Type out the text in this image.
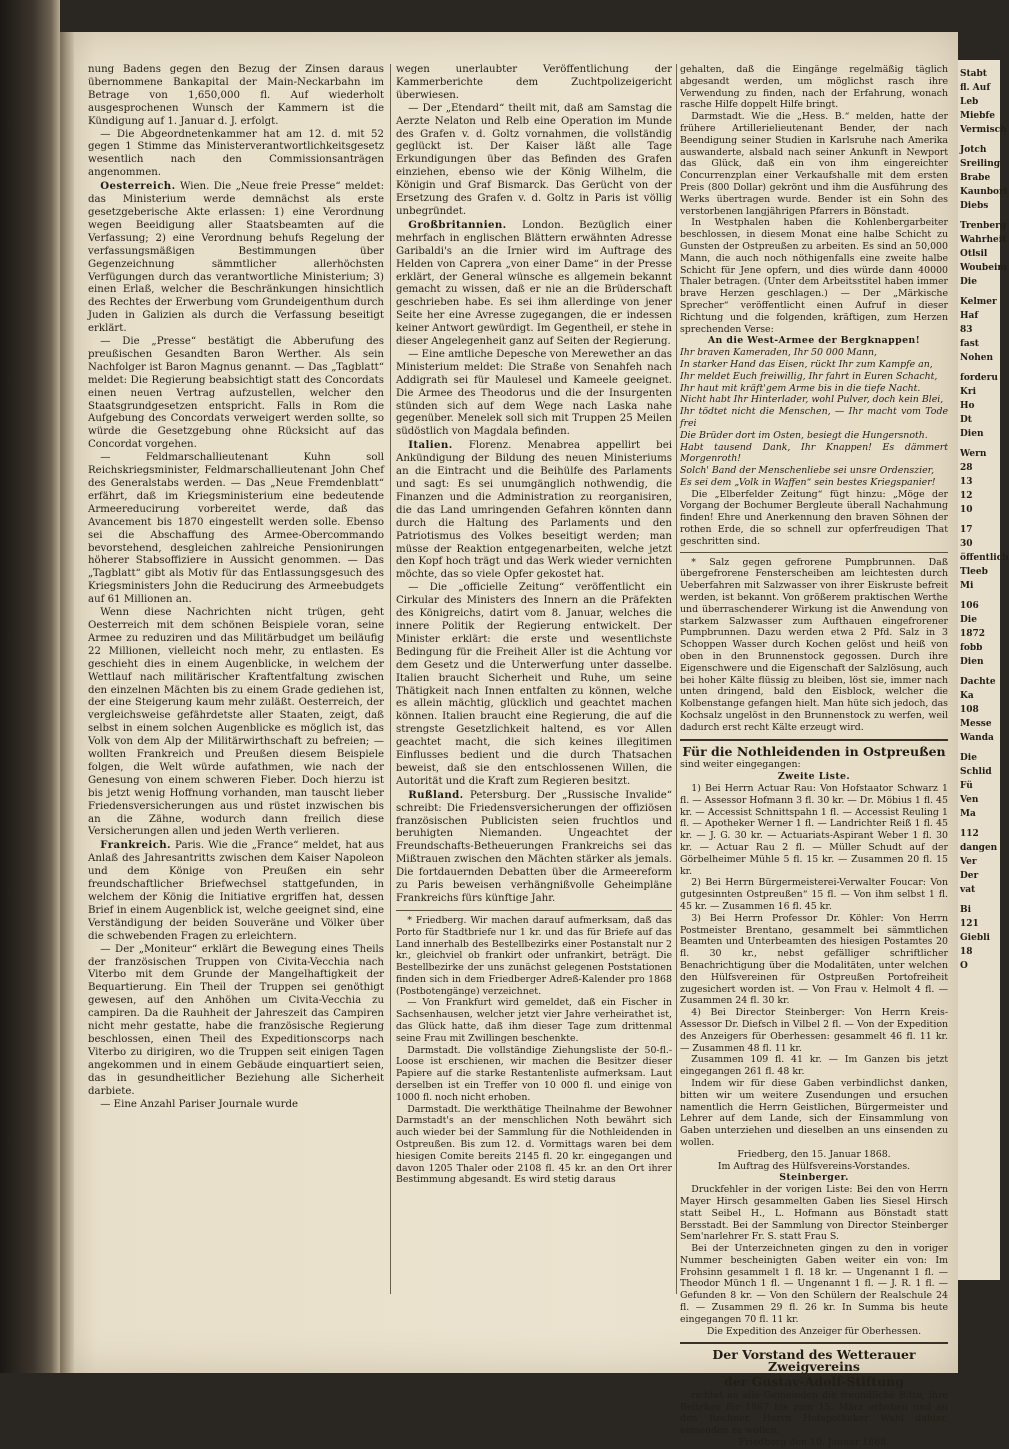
nung Badens gegen den Bezug der Zinsen daraus übernommene Bankapital der Main-Neckarbahn im Betrage von 1,650,000 fl. Auf wiederholt ausgesprochenen Wunsch der Kammern ist die Kündigung auf 1. Januar d. J. erfolgt.

— Die Abgeordnetenkammer hat am 12. d. mit 52 gegen 1 Stimme das Ministerverantwortlichkeitsgesetz wesentlich nach den Commissionsanträgen angenommen.

Oesterreich. Wien. Die „Neue freie Presse“ meldet: das Ministerium werde demnächst als erste gesetzgeberische Akte erlassen: 1) eine Verordnung wegen Beeidigung aller Staatsbeamten auf die Verfassung; 2) eine Verordnung behufs Regelung der verfassungsmäßigen Bestimmungen über Gegenzeichnung sämmtlicher allerhöchsten Verfügungen durch das verantwortliche Ministerium; 3) einen Erlaß, welcher die Beschränkungen hinsichtlich des Rechtes der Erwerbung vom Grundeigenthum durch Juden in Galizien als durch die Verfassung beseitigt erklärt.

— Die „Presse“ bestätigt die Abberufung des preußischen Gesandten Baron Werther. Als sein Nachfolger ist Baron Magnus genannt. — Das „Tagblatt“ meldet: Die Regierung beabsichtigt statt des Concordats einen neuen Vertrag aufzustellen, welcher den Staatsgrundgesetzen entspricht. Falls in Rom die Aufgebung des Concordats verweigert werden sollte, so würde die Gesetzgebung ohne Rücksicht auf das Concordat vorgehen.

— Feldmarschallieutenant Kuhn soll Reichskriegsminister, Feldmarschallieutenant John Chef des Generalstabs werden. — Das „Neue Fremdenblatt“ erfährt, daß im Kriegsministerium eine bedeutende Armeereducirung vorbereitet werde, daß das Avancement bis 1870 eingestellt werden solle. Ebenso sei die Abschaffung des Armee-Obercommando bevorstehend, desgleichen zahlreiche Pensionirungen höherer Stabsoffiziere in Aussicht genommen. — Das „Tagblatt“ gibt als Motiv für das Entlassungsgesuch des Kriegsministers John die Reducirung des Armeebudgets auf 61 Millionen an.

Wenn diese Nachrichten nicht trügen, geht Oesterreich mit dem schönen Beispiele voran, seine Armee zu reduziren und das Militärbudget um beiläufig 22 Millionen, vielleicht noch mehr, zu entlasten. Es geschieht dies in einem Augenblicke, in welchem der Wettlauf nach militärischer Kraftentfaltung zwischen den einzelnen Mächten bis zu einem Grade gediehen ist, der eine Steigerung kaum mehr zuläßt. Oesterreich, der vergleichsweise gefährdetste aller Staaten, zeigt, daß selbst in einem solchen Augenblicke es möglich ist, das Volk von dem Alp der Militärwirthschaft zu befreien; — wollten Frankreich und Preußen diesem Beispiele folgen, die Welt würde aufathmen, wie nach der Genesung von einem schweren Fieber. Doch hierzu ist bis jetzt wenig Hoffnung vorhanden, man tauscht lieber Friedensversicherungen aus und rüstet inzwischen bis an die Zähne, wodurch dann freilich diese Versicherungen allen und jeden Werth verlieren.

Frankreich. Paris. Wie die „France“ meldet, hat aus Anlaß des Jahresantritts zwischen dem Kaiser Napoleon und dem Könige von Preußen ein sehr freundschaftlicher Briefwechsel stattgefunden, in welchem der König die Initiative ergriffen hat, dessen Brief in einem Augenblick ist, welche geeignet sind, eine Verständigung der beiden Souveräne und Völker über die schwebenden Fragen zu erleichtern.

— Der „Moniteur“ erklärt die Bewegung eines Theils der französischen Truppen von Civita-Vecchia nach Viterbo mit dem Grunde der Mangelhaftigkeit der Bequartierung. Ein Theil der Truppen sei genöthigt gewesen, auf den Anhöhen um Civita-Vecchia zu campiren. Da die Rauhheit der Jahreszeit das Campiren nicht mehr gestatte, habe die französische Regierung beschlossen, einen Theil des Expeditionscorps nach Viterbo zu dirigiren, wo die Truppen seit einigen Tagen angekommen und in einem Gebäude einquartiert seien, das in gesundheitlicher Beziehung alle Sicherheit darbiete.

— Eine Anzahl Pariser Journale wurde

wegen unerlaubter Veröffentlichung der Kammerberichte dem Zuchtpolizeigericht überwiesen.

— Der „Etendard“ theilt mit, daß am Samstag die Aerzte Nelaton und Relb eine Operation im Munde des Grafen v. d. Goltz vornahmen, die vollständig geglückt ist. Der Kaiser läßt alle Tage Erkundigungen über das Befinden des Grafen einziehen, ebenso wie der König Wilhelm, die Königin und Graf Bismarck. Das Gerücht von der Ersetzung des Grafen v. d. Goltz in Paris ist völlig unbegründet.

Großbritannien. London. Bezüglich einer mehrfach in englischen Blättern erwähnten Adresse Garibaldi's an die Irnier wird im Auftrage des Helden von Caprera „von einer Dame“ in der Presse erklärt, der General wünsche es allgemein bekannt gemacht zu wissen, daß er nie an die Brüderschaft geschrieben habe. Es sei ihm allerdinge von jener Seite her eine Avresse zugegangen, die er indessen keiner Antwort gewürdigt. Im Gegentheil, er stehe in dieser Angelegenheit ganz auf Seiten der Regierung.

— Eine amtliche Depesche von Merewether an das Ministerium meldet: Die Straße von Senahfeh nach Addigrath sei für Maulesel und Kameele geeignet. Die Armee des Theodorus und die der Insurgenten stünden sich auf dem Wege nach Laska nahe gegenüber. Menelek soll sich mit Truppen 25 Meilen südöstlich von Magdala befinden.

Italien. Florenz. Menabrea appellirt bei Ankündigung der Bildung des neuen Ministeriums an die Eintracht und die Beihülfe des Parlaments und sagt: Es sei unumgänglich nothwendig, die Finanzen und die Administration zu reorganisiren, die das Land umringenden Gefahren könnten dann durch die Haltung des Parlaments und den Patriotismus des Volkes beseitigt werden; man müsse der Reaktion entgegenarbeiten, welche jetzt den Kopf hoch trägt und das Werk wieder vernichten möchte, das so viele Opfer gekostet hat.

— Die „officielle Zeitung“ veröffentlicht ein Cirkular des Ministers des Innern an die Präfekten des Königreichs, datirt vom 8. Januar, welches die innere Politik der Regierung entwickelt. Der Minister erklärt: die erste und wesentlichste Bedingung für die Freiheit Aller ist die Achtung vor dem Gesetz und die Unterwerfung unter dasselbe. Italien braucht Sicherheit und Ruhe, um seine Thätigkeit nach Innen entfalten zu können, welche es allein mächtig, glücklich und geachtet machen können. Italien braucht eine Regierung, die auf die strengste Gesetzlichkeit haltend, es vor Allen geachtet macht, die sich keines illegitimen Einflusses bedient und die durch Thatsachen beweist, daß sie den entschlossenen Willen, die Autorität und die Kraft zum Regieren besitzt.

Rußland. Petersburg. Der „Russische Invalide“ schreibt: Die Friedensversicherungen der offiziösen französischen Publicisten seien fruchtlos und beruhigten Niemanden. Ungeachtet der Freundschafts-Betheuerungen Frankreichs sei das Mißtrauen zwischen den Mächten stärker als jemals. Die fortdauernden Debatten über die Armeereform zu Paris beweisen verhängnißvolle Geheimpläne Frankreichs fürs künftige Jahr.

* Friedberg. Wir machen darauf aufmerksam, daß das Porto für Stadtbriefe nur 1 kr. und das für Briefe auf das Land innerhalb des Bestellbezirks einer Postanstalt nur 2 kr., gleichviel ob frankirt oder unfrankirt, beträgt. Die Bestellbezirke der uns zunächst gelegenen Poststationen finden sich in dem Friedberger Adreß-Kalender pro 1868 (Postbotengänge) verzeichnet.

— Von Frankfurt wird gemeldet, daß ein Fischer in Sachsenhausen, welcher jetzt vier Jahre verheirathet ist, das Glück hatte, daß ihm dieser Tage zum drittenmal seine Frau mit Zwillingen beschenkte.

Darmstadt. Die vollständige Ziehungsliste der 50-fl.-Loose ist erschienen, wir machen die Besitzer dieser Papiere auf die starke Restantenliste aufmerksam. Laut derselben ist ein Treffer von 10 000 fl. und einige von 1000 fl. noch nicht erhoben.

Darmstadt. Die werkthätige Theilnahme der Bewohner Darmstadt's an der menschlichen Noth bewährt sich auch wieder bei der Sammlung für die Nothleidenden in Ostpreußen. Bis zum 12. d. Vormittags waren bei dem hiesigen Comite bereits 2145 fl. 20 kr. eingegangen und davon 1205 Thaler oder 2108 fl. 45 kr. an den Ort ihrer Bestimmung abgesandt. Es wird stetig daraus

gehalten, daß die Eingänge regelmäßig täglich abgesandt werden, um möglichst rasch ihre Verwendung zu finden, nach der Erfahrung, wonach rasche Hilfe doppelt Hilfe bringt.

Darmstadt. Wie die „Hess. B.“ melden, hatte der frühere Artillerielieutenant Bender, der nach Beendigung seiner Studien in Karlsruhe nach Amerika auswanderte, alsbald nach seiner Ankunft in Newport das Glück, daß ein von ihm eingereichter Concurrenzplan einer Verkaufshalle mit dem ersten Preis (800 Dollar) gekrönt und ihm die Ausführung des Werks übertragen wurde. Bender ist ein Sohn des verstorbenen langjährigen Pfarrers in Bönstadt.

In Westphalen haben die Kohlenbergarbeiter beschlossen, in diesem Monat eine halbe Schicht zu Gunsten der Ostpreußen zu arbeiten. Es sind an 50,000 Mann, die auch noch nöthigenfalls eine zweite halbe Schicht für Jene opfern, und dies würde dann 40000 Thaler betragen. (Unter dem Arbeitsstitel haben immer brave Herzen geschlagen.) — Der „Märkische Sprecher“ veröffentlicht einen Aufruf in dieser Richtung und die folgenden, kräftigen, zum Herzen sprechenden Verse:

An die West-Armee der Bergknappen!

Ihr braven Kameraden, Ihr 50 000 Mann,

In starker Hand das Eisen, rückt Ihr zum Kampfe an,

Ihr meldet Euch freiwillig, Ihr fahrt in Euren Schacht,

Ihr haut mit kräft'gem Arme bis in die tiefe Nacht.

Nicht habt Ihr Hinterlader, wohl Pulver, doch kein Blei,

Ihr tödtet nicht die Menschen, — Ihr macht vom Tode frei

Die Brüder dort im Osten, besiegt die Hungersnoth.

Habt tausend Dank, Ihr Knappen! Es dämmert Morgenroth!

Solch' Band der Menschenliebe sei unsre Ordenszier,

Es sei dem „Volk in Waffen“ sein bestes Kriegspanier!

Die „Elberfelder Zeitung“ fügt hinzu: „Möge der Vorgang der Bochumer Bergleute überall Nachahmung finden! Ehre und Anerkennung den braven Söhnen der rothen Erde, die so schnell zur opferfreudigen That geschritten sind.

* Salz gegen gefrorene Pumpbrunnen. Daß übergefrorene Fensterscheiben am leichtesten durch Ueberfahren mit Salzwasser von ihrer Eiskruste befreit werden, ist bekannt. Von größerem praktischen Werthe und überraschenderer Wirkung ist die Anwendung von starkem Salzwasser zum Aufthauen eingefrorener Pumpbrunnen. Dazu werden etwa 2 Pfd. Salz in 3 Schoppen Wasser durch Kochen gelöst und heiß von oben in den Brunnenstock gegossen. Durch ihre Eigenschwere und die Eigenschaft der Salzlösung, auch bei hoher Kälte flüssig zu bleiben, löst sie, immer nach unten dringend, bald den Eisblock, welcher die Kolbenstange gefangen hielt. Man hüte sich jedoch, das Kochsalz ungelöst in den Brunnenstock zu werfen, weil dadurch erst recht Kälte erzeugt wird.

Für die Nothleidenden in Ostpreußen

sind weiter eingegangen:

Zweite Liste.

1) Bei Herrn Actuar Rau: Von Hofstaator Schwarz 1 fl. — Assessor Hofmann 3 fl. 30 kr. — Dr. Möbius 1 fl. 45 kr. — Accessist Schnittspahn 1 fl. — Accessist Reuling 1 fl. — Apotheker Werner 1 fl. — Landrichter Reiß 1 fl. 45 kr. — J. G. 30 kr. — Actuariats-Aspirant Weber 1 fl. 30 kr. — Actuar Rau 2 fl. — Müller Schudt auf der Görbelheimer Mühle 5 fl. 15 kr. — Zusammen 20 fl. 15 kr.

2) Bei Herrn Bürgermeisterei-Verwalter Foucar: Von gutgesinnten Ostpreußen“ 15 fl. — Von ihm selbst 1 fl. 45 kr. — Zusammen 16 fl. 45 kr.

3) Bei Herrn Professor Dr. Köhler: Von Herrn Postmeister Brentano, gesammelt bei sämmtlichen Beamten und Unterbeamten des hiesigen Postamtes 20 fl. 30 kr., nebst gefälliger schriftlicher Benachrichtigung über die Modalitäten, unter welchen den Hülfsvereinen für Ostpreußen Portofreiheit zugesichert worden ist. — Von Frau v. Helmolt 4 fl. — Zusammen 24 fl. 30 kr.

4) Bei Director Steinberger: Von Herrn Kreis-Assessor Dr. Diefsch in Vilbel 2 fl. — Von der Expedition des Anzeigers für Oberhessen: gesammelt 46 fl. 11 kr. — Zusammen 48 fl. 11 kr.

Zusammen 109 fl. 41 kr. — Im Ganzen bis jetzt eingegangen 261 fl. 48 kr.

Indem wir für diese Gaben verbindlichst danken, bitten wir um weitere Zusendungen und ersuchen namentlich die Herrn Geistlichen, Bürgermeister und Lehrer auf dem Lande, sich der Einsammlung von Gaben unterziehen und dieselben an uns einsenden zu wollen.

Friedberg, den 15. Januar 1868.

Im Auftrag des Hülfsvereins-Vorstandes.

Steinberger.

Druckfehler in der vorigen Liste: Bei den von Herrn Mayer Hirsch gesammelten Gaben lies Siesel Hirsch statt Seibel H., L. Hofmann aus Bönstadt statt Bersstadt. Bei der Sammlung von Director Steinberger Sem'narlehrer Fr. S. statt Frau S.

Bei der Unterzeichneten gingen zu den in voriger Nummer bescheinigten Gaben weiter ein von: Im Frohsinn gesammelt 1 fl. 18 kr. — Ungenannt 1 fl. — Theodor Münch 1 fl. — Ungenannt 1 fl. — J. R. 1 fl. — Gefunden 8 kr. — Von den Schülern der Realschule 24 fl. — Zusammen 29 fl. 26 kr. In Summa bis heute eingegangen 70 fl. 11 kr.

Die Expedition des Anzeiger für Oberhessen.

Der Vorstand des Wetterauer Zweigvereins

der Gustav-Adolf-Stiftung

richtet an alle Gemeinden die freundliche Bitte, ihre Beiträge für 1867 bis zum 15. März erheben und an den Rechner, Herrn Hofapotheker Wahl dahier, einsenden zu wollen.

Friedberg den 10. Januar 1868.

Stabt
fl. Auf
Leb
Miebfe
Vermisch
Jotch
Sreiling
Brabe
Kaunbori
Diebs
Trenberg
Wahrheit
Otlsil
Woubeim
Die
Kelmer
Haf
83
fast
Nohen
forderu
Kri
Ho
Dt
Dien
Wern
28
13
12
10
17
30
öffentlich
Tleeb
Mi
106
Die
1872
fobb
Dien
Dachte
Ka
108
Messe
Wanda
Die
Schlid
Fü
Ven
Ma
112
dangen
Ver
Der
vat
Bi
121
Giebli
18
O
